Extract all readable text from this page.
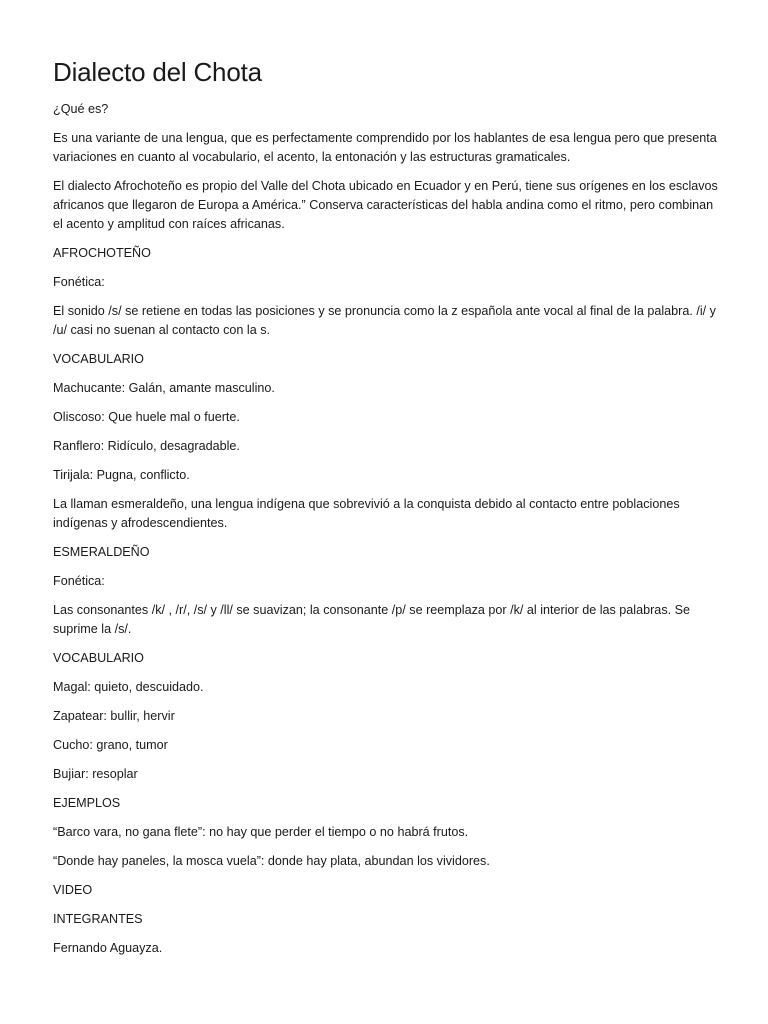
Dialecto del Chota

¿Qué es?

Es una variante de una lengua, que es perfectamente comprendido por los hablantes de esa lengua pero que presenta variaciones en cuanto al vocabulario, el acento, la entonación y las estructuras gramaticales.

El dialecto Afrochoteño es propio del Valle del Chota ubicado en Ecuador y en Perú, tiene sus orígenes en los esclavos africanos que llegaron de Europa a América.” Conserva características del habla andina como el ritmo, pero combinan el acento y amplitud con raíces africanas.

AFROCHOTEÑO

Fonética:

El sonido /s/ se retiene en todas las posiciones y se pronuncia como la z española ante vocal al final de la palabra. /i/ y /u/ casi no suenan al contacto con la s.

VOCABULARIO

Machucante: Galán, amante masculino.

Oliscoso: Que huele mal o fuerte.

Ranflero: Ridículo, desagradable.

Tirijala: Pugna, conflicto.

La llaman esmeraldeño, una lengua indígena que sobrevivió a la conquista debido al contacto entre poblaciones indígenas y afrodescendientes.

ESMERALDEÑO

Fonética:

Las consonantes /k/ , /r/, /s/ y /ll/ se suavizan; la consonante /p/ se reemplaza por /k/ al interior de las palabras. Se suprime la /s/.

VOCABULARIO

Magal: quieto, descuidado.

Zapatear: bullir, hervir

Cucho: grano, tumor

Bujiar: resoplar

EJEMPLOS

“Barco vara, no gana flete”: no hay que perder el tiempo o no habrá frutos.

“Donde hay paneles, la mosca vuela”: donde hay plata, abundan los vividores.

VIDEO

INTEGRANTES

Fernando Aguayza.
